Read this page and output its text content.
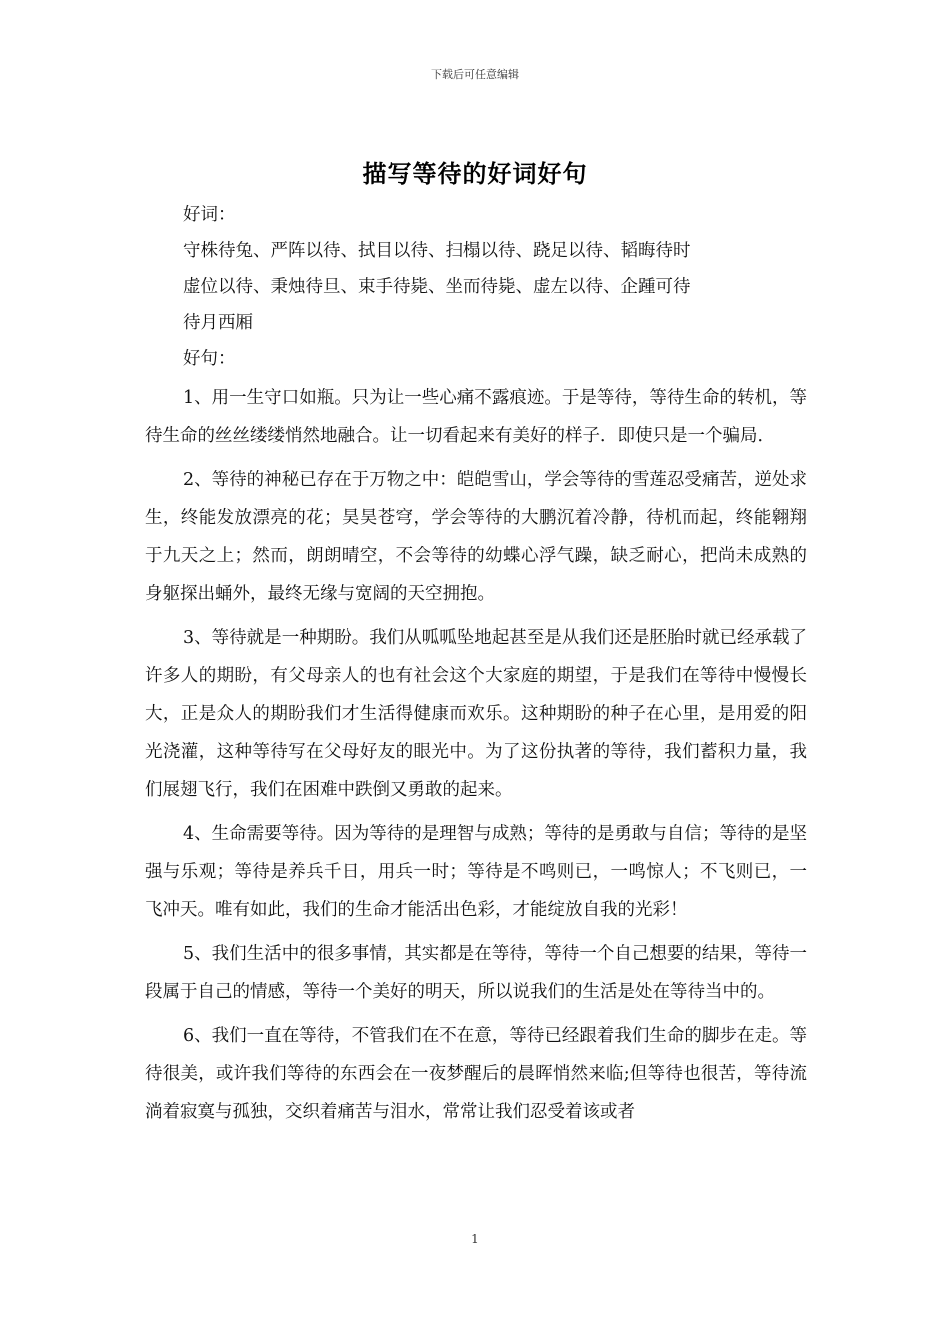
下载后可任意编辑
描写等待的好词好句
好词：
守株待兔、严阵以待、拭目以待、扫榻以待、跷足以待、韬晦待时
虚位以待、秉烛待旦、束手待毙、坐而待毙、虚左以待、企踵可待
待月西厢
好句：

1、用一生守口如瓶。只为让一些心痛不露痕迹。于是等待，等待生命的转机，等待生命的丝丝缕缕悄然地融合。让一切看起来有美好的样子．即使只是一个骗局．

2、等待的神秘已存在于万物之中：皑皑雪山，学会等待的雪莲忍受痛苦，逆处求生，终能发放漂亮的花；昊昊苍穹，学会等待的大鹏沉着冷静，待机而起，终能翱翔于九天之上；然而，朗朗晴空，不会等待的幼蝶心浮气躁，缺乏耐心，把尚未成熟的身躯探出蛹外，最终无缘与宽阔的天空拥抱。

3、等待就是一种期盼。我们从呱呱坠地起甚至是从我们还是胚胎时就已经承载了许多人的期盼，有父母亲人的也有社会这个大家庭的期望，于是我们在等待中慢慢长大，正是众人的期盼我们才生活得健康而欢乐。这种期盼的种子在心里，是用爱的阳光浇灌，这种等待写在父母好友的眼光中。为了这份执著的等待，我们蓄积力量，我们展翅飞行，我们在困难中跌倒又勇敢的起来。

4、生命需要等待。因为等待的是理智与成熟；等待的是勇敢与自信；等待的是坚强与乐观；等待是养兵千日，用兵一时；等待是不鸣则已，一鸣惊人；不飞则已，一飞冲天。唯有如此，我们的生命才能活出色彩，才能绽放自我的光彩！

5、我们生活中的很多事情，其实都是在等待，等待一个自己想要的结果，等待一段属于自己的情感，等待一个美好的明天，所以说我们的生活是处在等待当中的。

6、我们一直在等待，不管我们在不在意，等待已经跟着我们生命的脚步在走。等待很美，或许我们等待的东西会在一夜梦醒后的晨晖悄然来临;但等待也很苦，等待流淌着寂寞与孤独，交织着痛苦与泪水，常常让我们忍受着该或者

1
